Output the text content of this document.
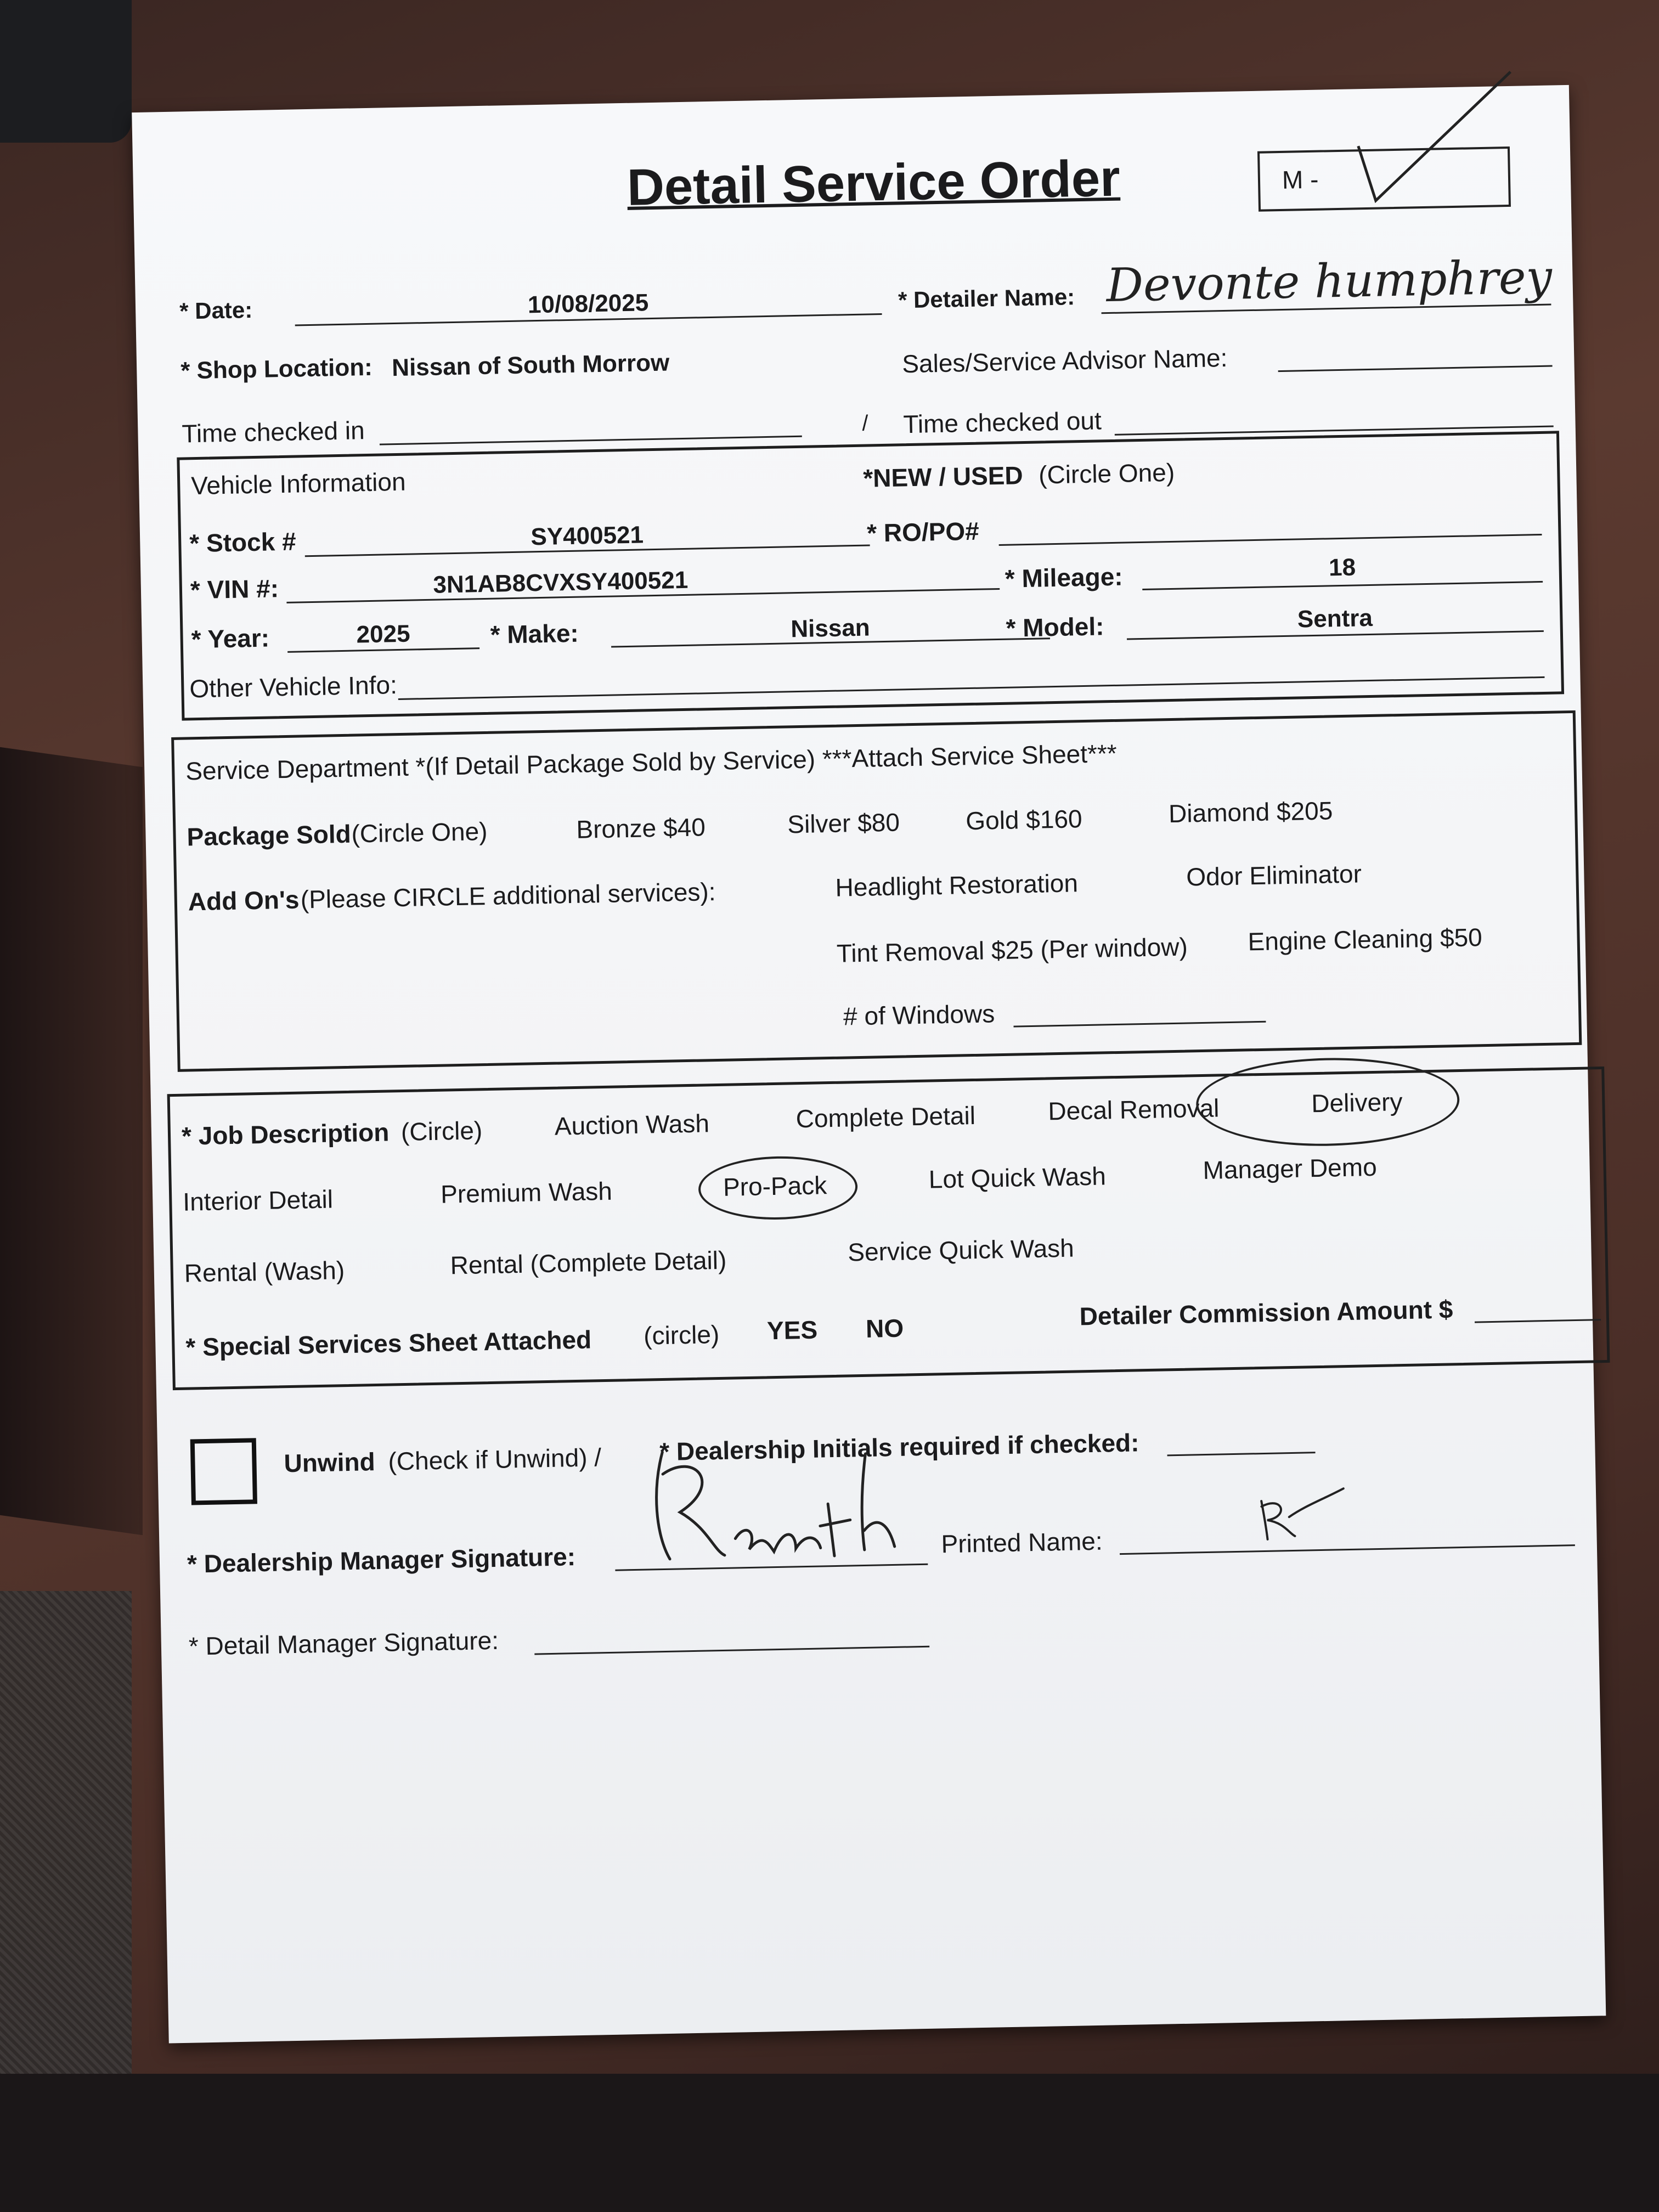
Detail Service Order	M -
* Date:	10/08/2025	* Detailer Name: Devonte humphrey
* Shop Location: Nissan of South Morrow	Sales/Service Advisor Name:
Time checked in	/ Time checked out
Vehicle Information	*NEW / USED (Circle One)
* Stock #	SY400521	* RO/PO#
* VIN #:	3N1AB8CVXSY400521	* Mileage:	18
* Year:	2025	* Make:	Nissan	* Model:	Sentra
Other Vehicle Info:
Service Department *(If Detail Package Sold by Service) ***Attach Service Sheet***
Package Sold (Circle One)	Bronze $40	Silver $80	Gold $160	Diamond $205
Add On's (Please CIRCLE additional services):	Headlight Restoration	Odor Eliminator
Tint Removal $25 (Per window) Engine Cleaning $50
# of Windows
* Job Description (Circle)	Auction Wash	Complete Detail	Decal Removal	Delivery
Interior Detail	Premium Wash	Pro-Pack	Lot Quick Wash	Manager Demo
Rental (Wash)	Rental (Complete Detail)	Service Quick Wash
* Special Services Sheet Attached (circle) YES NO	Detailer Commission Amount $
Unwind (Check if Unwind) / * Dealership Initials required if checked:
* Dealership Manager Signature:	Printed Name:
* Detail Manager Signature:
